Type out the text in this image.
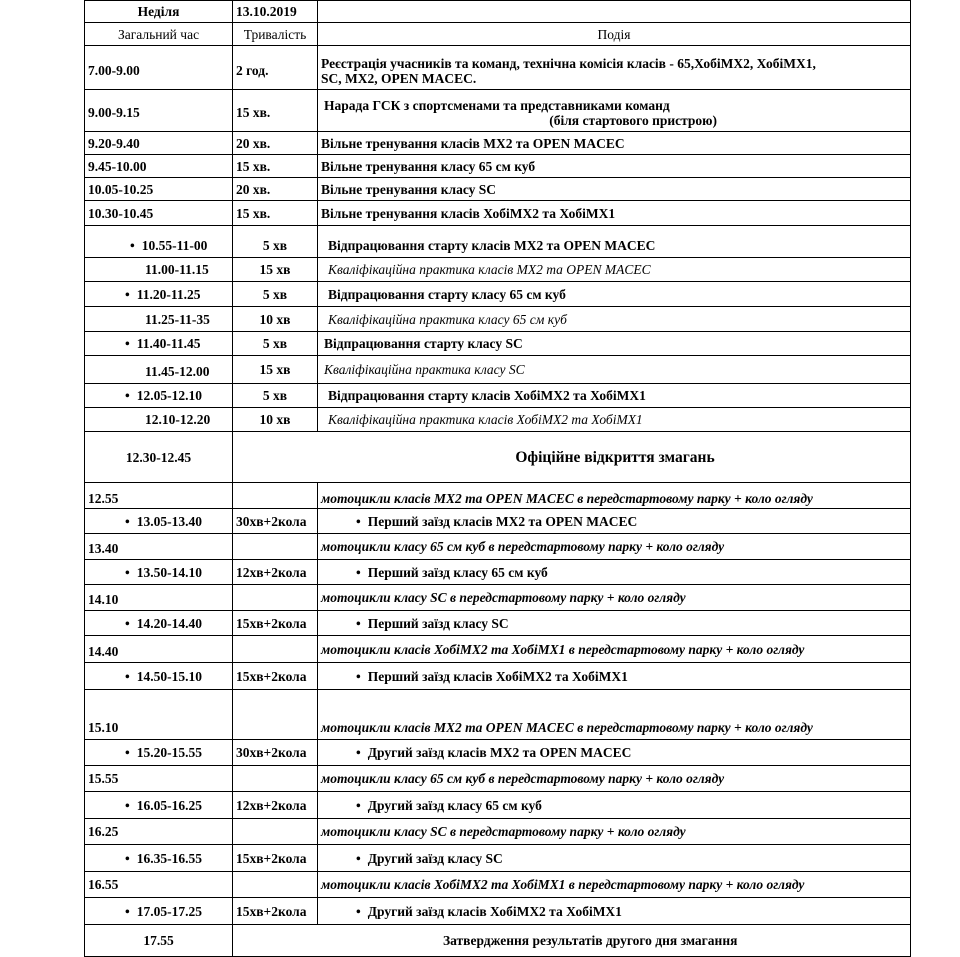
Неділя	13.10.2019	
Загальний час	Тривалість	Подія
7.00-9.00	2 год.	Реєстрація учасників та команд, технічна комісія класів - 65,ХобіМХ2, ХобіМХ1,
SC, MX2, OPEN MACEC.
9.00-9.15	15 хв.	Нарада ГСК з спортсменами та представниками команд

(біля стартового пристрою)

9.20-9.40	20 хв.	Вільне тренування класів МХ2 та OPEN MACEC
9.45-10.00	15 хв.	Вільне тренування класу 65 см куб
10.05-10.25	20 хв.	Вільне тренування класу SC
10.30-10.45	15 хв.	Вільне тренування класів ХобіМХ2 та ХобіМХ1
• 10.55-11-00	5 хв	Відпрацювання старту класів МХ2 та OPEN MACEC
11.00-11.15	15 хв	Кваліфікаційна практика класів МХ2 та OPEN MACEC
• 11.20-11.25	5 хв	Відпрацювання старту класу 65 см куб
11.25-11-35	10 хв	Кваліфікаційна практика класу 65 см куб
• 11.40-11.45	5 хв	Відпрацювання старту класу SC
11.45-12.00	15 хв	Кваліфікаційна практика класу SC
• 12.05-12.10	5 хв	Відпрацювання старту класів ХобіМХ2 та ХобіМХ1
12.10-12.20	10 хв	Кваліфікаційна практика класів ХобіМХ2 та ХобіМХ1
12.30-12.45	Офіційне відкриття змагань	
12.55		мотоцикли класів МХ2 та OPEN MACEC в передстартовому парку + коло огляду
• 13.05-13.40	30хв+2кола	• Перший заїзд класів МХ2 та OPEN MACEC
13.40		мотоцикли класу 65 см куб в передстартовому парку + коло огляду
• 13.50-14.10	12хв+2кола	• Перший заїзд класу 65 см куб
14.10		мотоцикли класу SC в передстартовому парку + коло огляду
• 14.20-14.40	15хв+2кола	• Перший заїзд класу SC
14.40		мотоцикли класів ХобіМХ2 та ХобіМХ1 в передстартовому парку + коло огляду
• 14.50-15.10	15хв+2кола	• Перший заїзд класів ХобіМХ2 та ХобіМХ1
15.10		мотоцикли класів МХ2 та OPEN MACEC в передстартовому парку + коло огляду
• 15.20-15.55	30хв+2кола	• Другий заїзд класів МХ2 та OPEN MACEC
15.55		мотоцикли класу 65 см куб в передстартовому парку + коло огляду
• 16.05-16.25	12хв+2кола	• Другий заїзд класу 65 см куб
16.25		мотоцикли класу SC в передстартовому парку + коло огляду
• 16.35-16.55	15хв+2кола	• Другий заїзд класу SC
16.55		мотоцикли класів ХобіМХ2 та ХобіМХ1 в передстартовому парку + коло огляду
• 17.05-17.25	15хв+2кола	• Другий заїзд класів ХобіМХ2 та ХобіМХ1
17.55	Затвердження результатів другого дня змагання	
